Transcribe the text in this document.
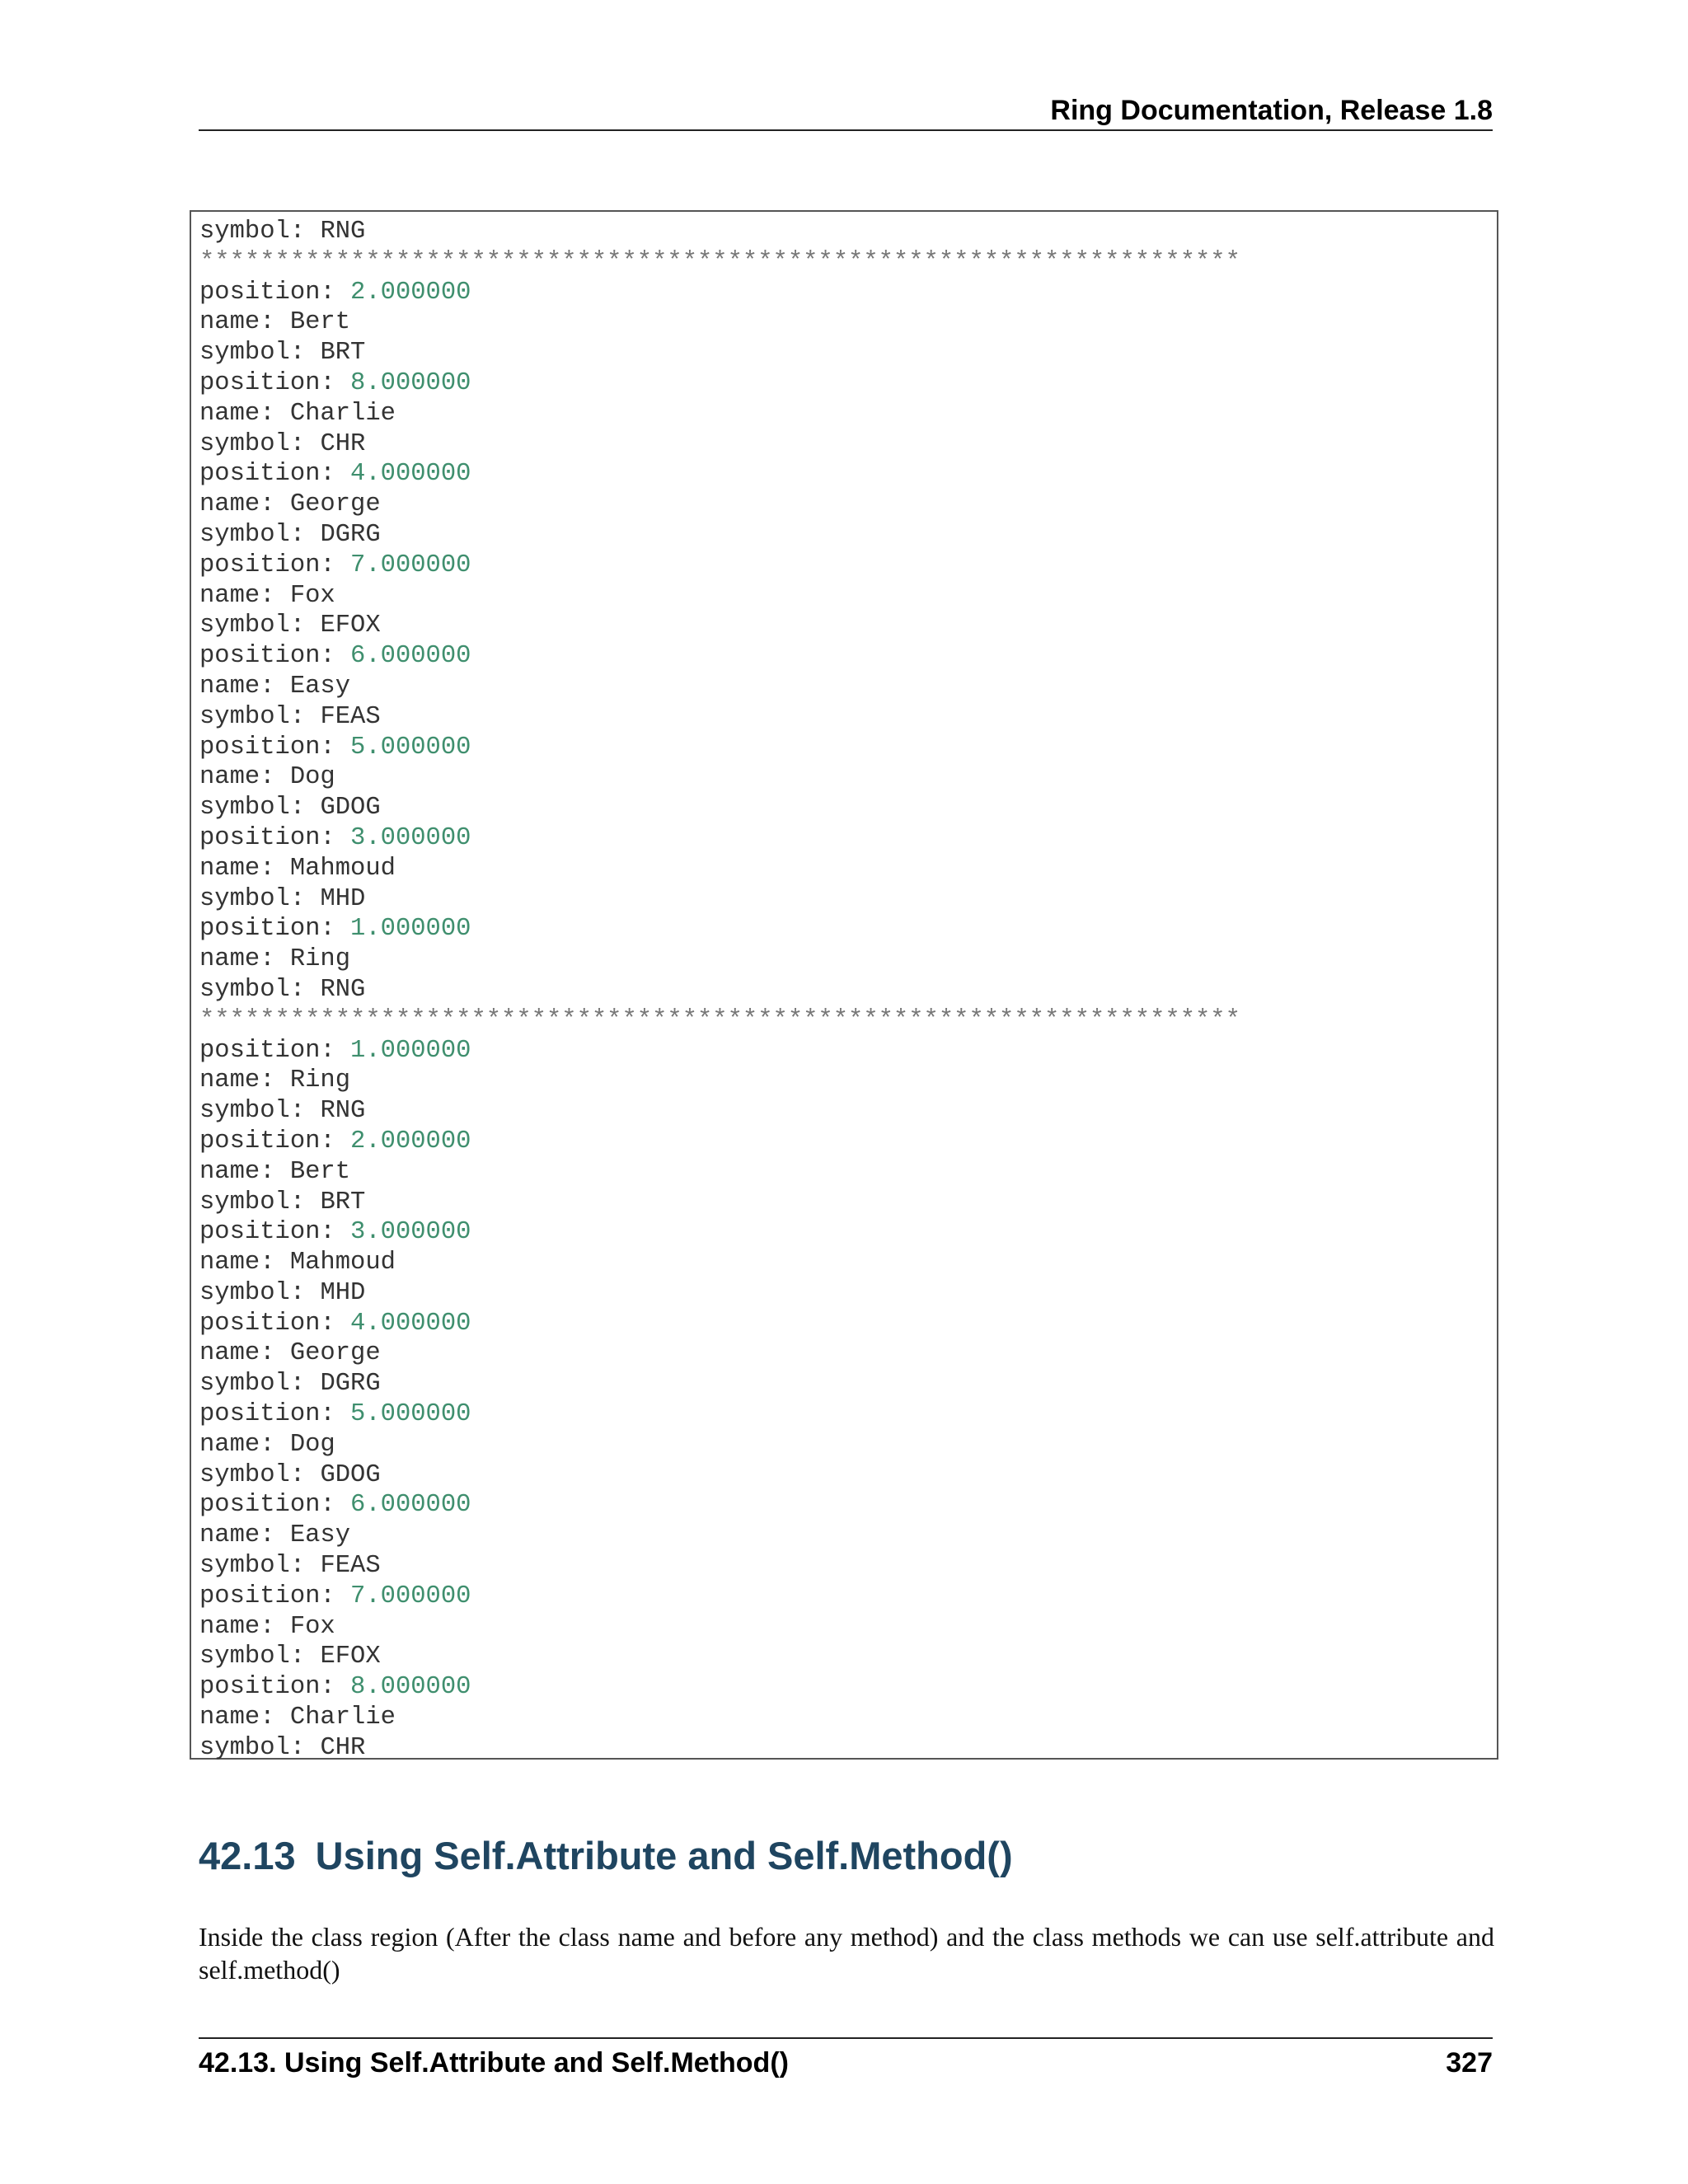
Ring Documentation, Release 1.8
symbol: RNG
*********************************************************************
position: 2.000000
name: Bert
symbol: BRT
position: 8.000000
name: Charlie
symbol: CHR
position: 4.000000
name: George
symbol: DGRG
position: 7.000000
name: Fox
symbol: EFOX
position: 6.000000
name: Easy
symbol: FEAS
position: 5.000000
name: Dog
symbol: GDOG
position: 3.000000
name: Mahmoud
symbol: MHD
position: 1.000000
name: Ring
symbol: RNG
*********************************************************************
position: 1.000000
name: Ring
symbol: RNG
position: 2.000000
name: Bert
symbol: BRT
position: 3.000000
name: Mahmoud
symbol: MHD
position: 4.000000
name: George
symbol: DGRG
position: 5.000000
name: Dog
symbol: GDOG
position: 6.000000
name: Easy
symbol: FEAS
position: 7.000000
name: Fox
symbol: EFOX
position: 8.000000
name: Charlie
symbol: CHR
42.13 Using Self.Attribute and Self.Method()
Inside the class region (After the class name and before any method) and the class methods we can use self.attribute and self.method()
42.13. Using Self.Attribute and Self.Method()	327
